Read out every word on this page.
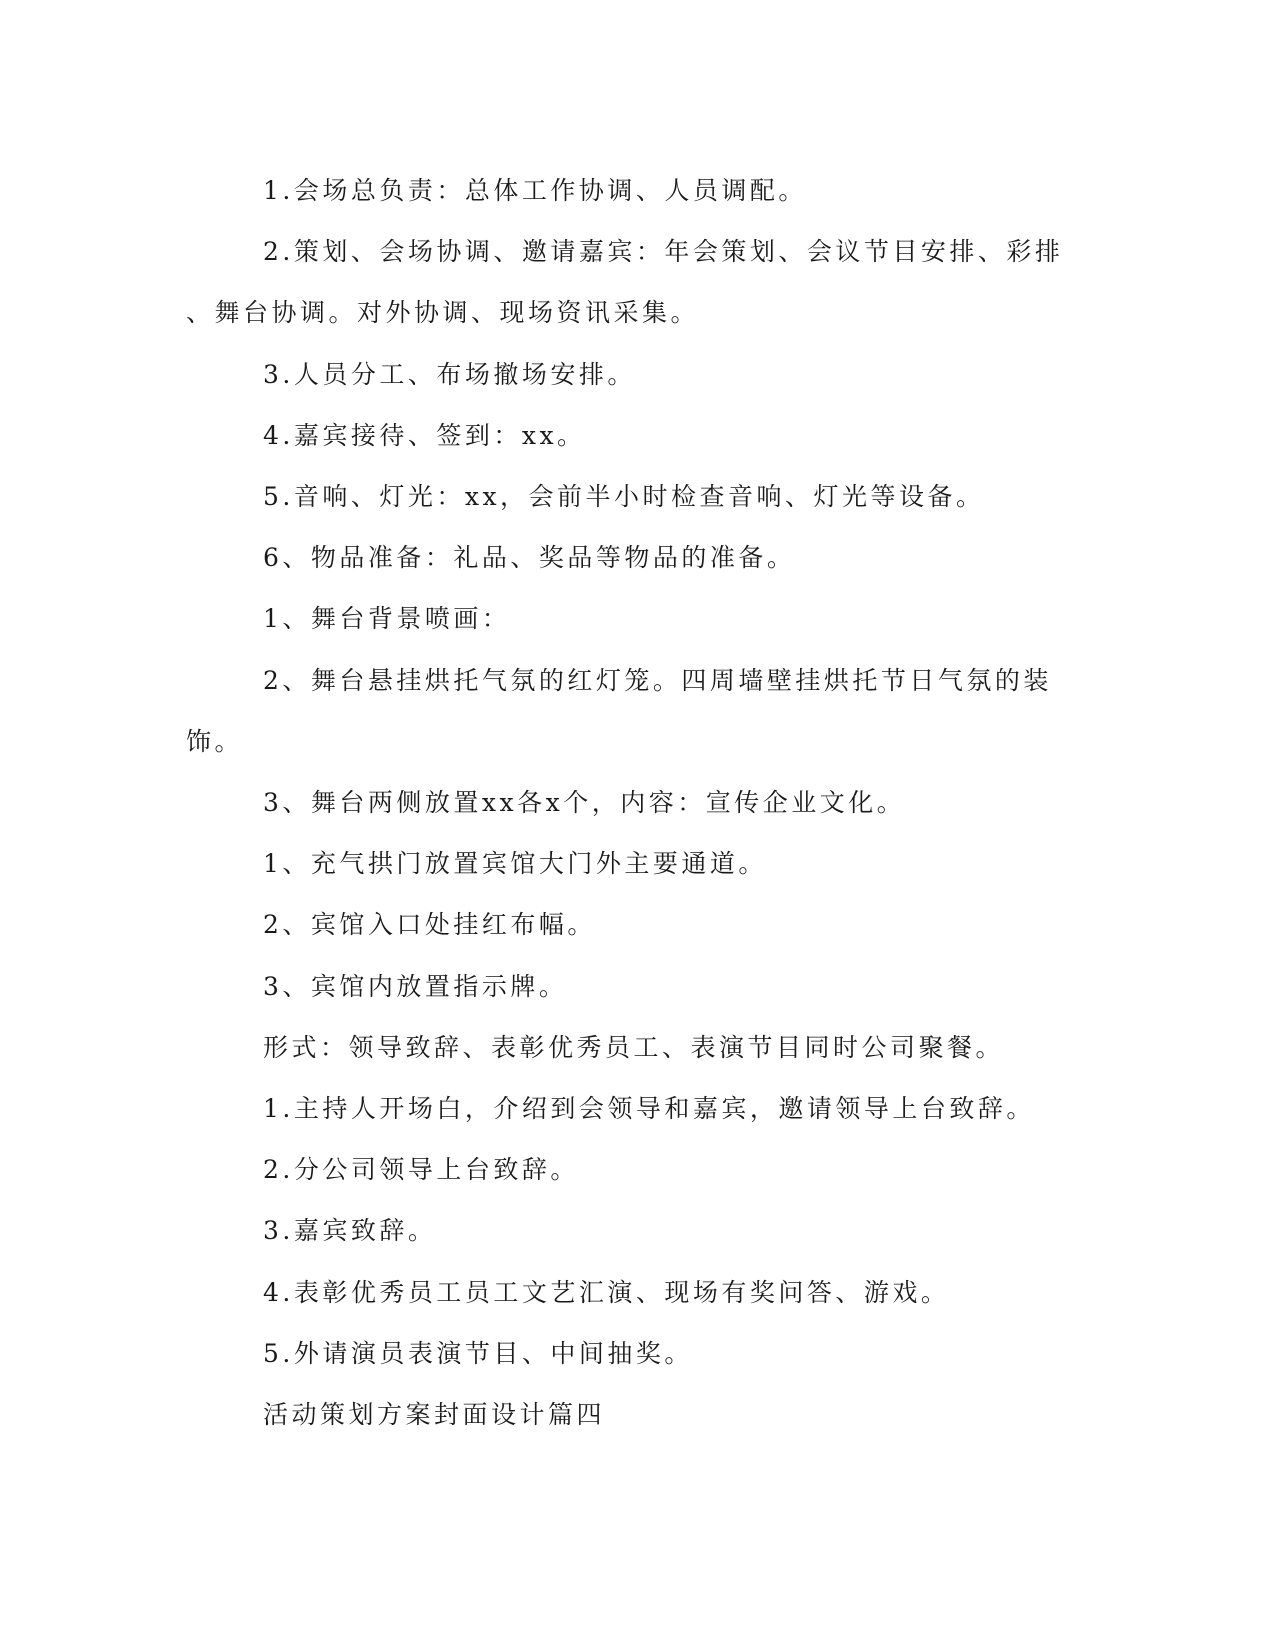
1.会场总负责：总体工作协调、人员调配。

2.策划、会场协调、邀请嘉宾：年会策划、会议节目安排、彩排

、舞台协调。对外协调、现场资讯采集。

3.人员分工、布场撤场安排。

4.嘉宾接待、签到：xx。

5.音响、灯光：xx，会前半小时检查音响、灯光等设备。

6、物品准备：礼品、奖品等物品的准备。

1、舞台背景喷画：

2、舞台悬挂烘托气氛的红灯笼。四周墙壁挂烘托节日气氛的装

饰。

3、舞台两侧放置xx各x个，内容：宣传企业文化。

1、充气拱门放置宾馆大门外主要通道。

2、宾馆入口处挂红布幅。

3、宾馆内放置指示牌。

形式：领导致辞、表彰优秀员工、表演节目同时公司聚餐。

1.主持人开场白，介绍到会领导和嘉宾，邀请领导上台致辞。

2.分公司领导上台致辞。

3.嘉宾致辞。

4.表彰优秀员工员工文艺汇演、现场有奖问答、游戏。

5.外请演员表演节目、中间抽奖。

活动策划方案封面设计篇四
